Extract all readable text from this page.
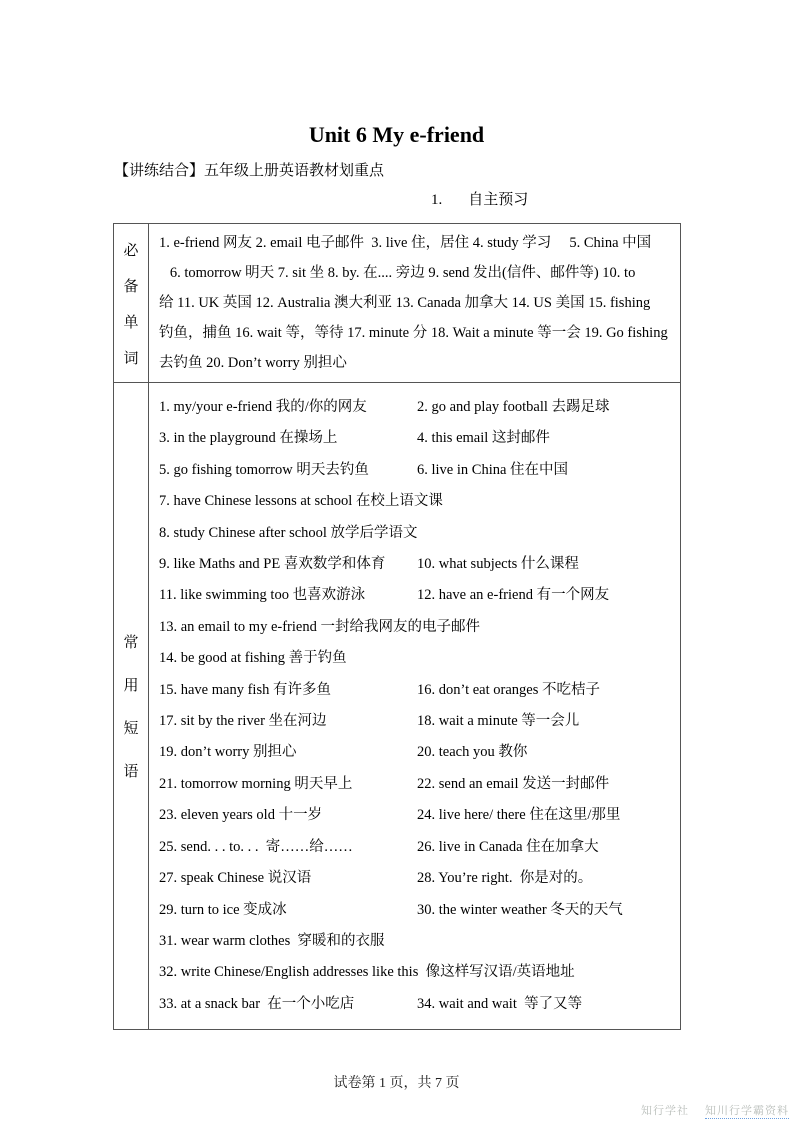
Unit 6 My e-friend
【讲练结合】五年级上册英语教材划重点
1. 自主预习
必
备
单
词

1. e-friend 网友 2. email 电子邮件  3. live 住，居住 4. study 学习     5. China 中国
6. tomorrow 明天 7. sit 坐 8. by. 在.... 旁边 9. send 发出(信件、邮件等) 10. to
给 11. UK 英国 12. Australia 澳大利亚 13. Canada 加拿大 14. US 美国 15. fishing
钓鱼，捕鱼 16. wait 等，等待 17. minute 分 18. Wait a minute 等一会 19. Go fishing
去钓鱼 20. Don’t worry 别担心

常
用
短
语

1. my/your e-friend 我的/你的网友	2. go and play football 去踢足球
3. in the playground 在操场上	4. this email 这封邮件
5. go fishing tomorrow 明天去钓鱼	6. live in China 住在中国
7. have Chinese lessons at school 在校上语文课
8. study Chinese after school 放学后学语文
9. like Maths and PE 喜欢数学和体育	10. what subjects 什么课程
11. like swimming too 也喜欢游泳	12. have an e-friend 有一个网友
13. an email to my e-friend 一封给我网友的电子邮件
14. be good at fishing 善于钓鱼
15. have many fish 有许多鱼	16. don’t eat oranges 不吃桔子
17. sit by the river 坐在河边	18. wait a minute 等一会儿
19. don’t worry 别担心	20. teach you 教你
21. tomorrow morning 明天早上	22. send an email 发送一封邮件
23. eleven years old 十一岁	24. live here/ there 住在这里/那里
25. send. . . to. . .  寄……给……	26. live in Canada 住在加拿大
27. speak Chinese 说汉语	28. You’re right.  你是对的。
29. turn to ice 变成冰	30. the winter weather 冬天的天气
31. wear warm clothes  穿暖和的衣服
32. write Chinese/English addresses like this  像这样写汉语/英语地址
33. at a snack bar  在一个小吃店	34. wait and wait  等了又等
试卷第 1 页，共 7 页
知行学社 知川行学霸资料
